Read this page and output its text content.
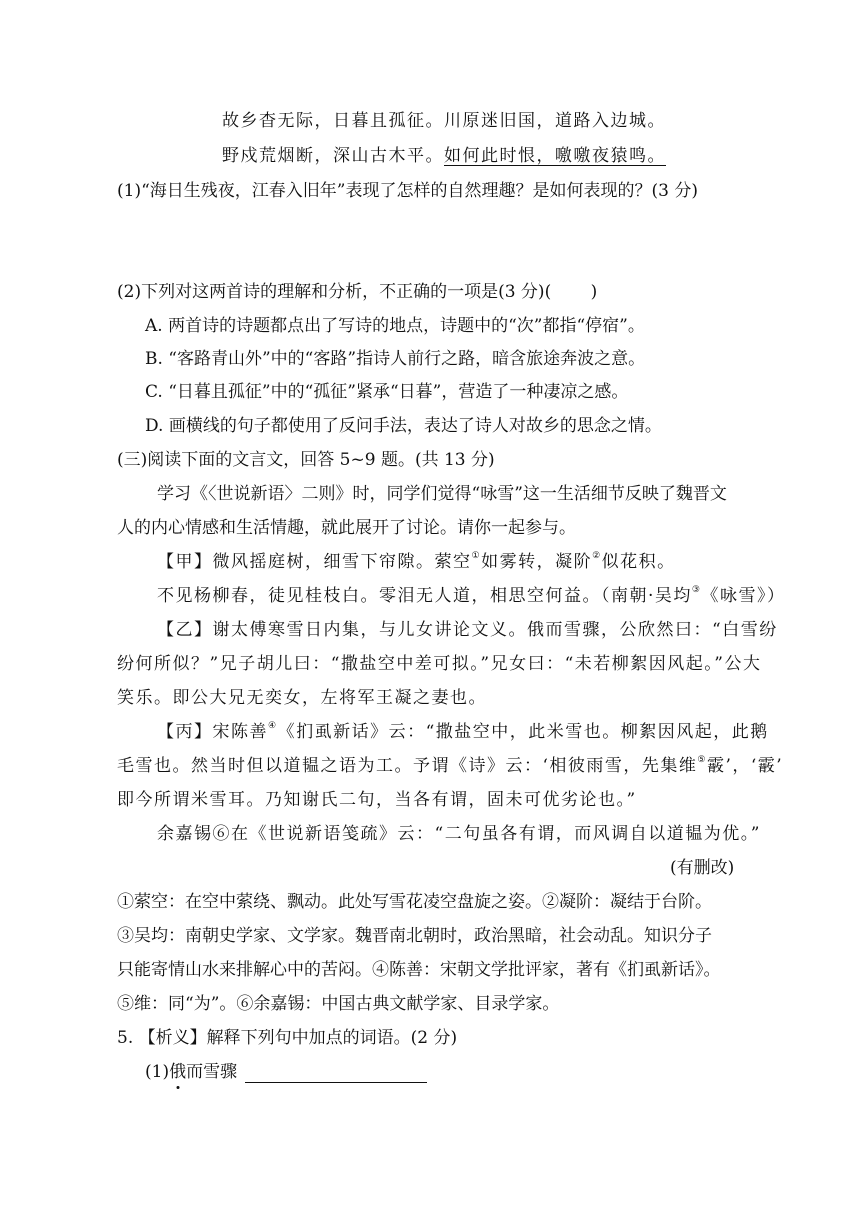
故乡杳无际，日暮且孤征。川原迷旧国，道路入边城。
野戍荒烟断，深山古木平。如何此时恨，噭噭夜猿鸣。
(1)“海日生残夜，江春入旧年”表现了怎样的自然理趣？是如何表现的？(3 分)
(2)下列对这两首诗的理解和分析，不正确的一项是(3 分)(　　 )
A. 两首诗的诗题都点出了写诗的地点，诗题中的“次”都指“停宿”。
B. “客路青山外”中的“客路”指诗人前行之路，暗含旅途奔波之意。
C. “日暮且孤征”中的“孤征”紧承“日暮”，营造了一种凄凉之感。
D. 画横线的句子都使用了反问手法，表达了诗人对故乡的思念之情。
(三)阅读下面的文言文，回答 5~9 题。(共 13 分)
学习《〈世说新语〉二则》时，同学们觉得“咏雪”这一生活细节反映了魏晋文
人的内心情感和生活情趣，就此展开了讨论。请你一起参与。
【甲】微风摇庭树，细雪下帘隙。萦空①如雾转，凝阶②似花积。
不见杨柳春，徒见桂枝白。零泪无人道，相思空何益。（南朝·吴均③《咏雪》）
【乙】谢太傅寒雪日内集，与儿女讲论文义。俄而雪骤，公欣然曰：“白雪纷
纷何所似？”兄子胡儿曰：“撒盐空中差可拟。”兄女曰：“未若柳絮因风起。”公大
笑乐。即公大兄无奕女，左将军王凝之妻也。
【丙】宋陈善④《扪虱新话》云：“撒盐空中，此米雪也。柳絮因风起，此鹅
毛雪也。然当时但以道韫之语为工。予谓《诗》云：‘相彼雨雪，先集维⑤霰’，‘霰’
即今所谓米雪耳。乃知谢氏二句，当各有谓，固未可优劣论也。”
余嘉锡⑥在《世说新语笺疏》云：“二句虽各有谓，而风调自以道韫为优。”
(有删改)
①萦空：在空中萦绕、飘动。此处写雪花凌空盘旋之姿。②凝阶：凝结于台阶。
③吴均：南朝史学家、文学家。魏晋南北朝时，政治黑暗，社会动乱。知识分子
只能寄情山水来排解心中的苦闷。④陈善：宋朝文学批评家，著有《扪虱新话》。
⑤维：同“为”。⑥余嘉锡：中国古典文献学家、目录学家。
5. 【析义】解释下列句中加点的词语。(2 分)
(1)俄而雪骤
